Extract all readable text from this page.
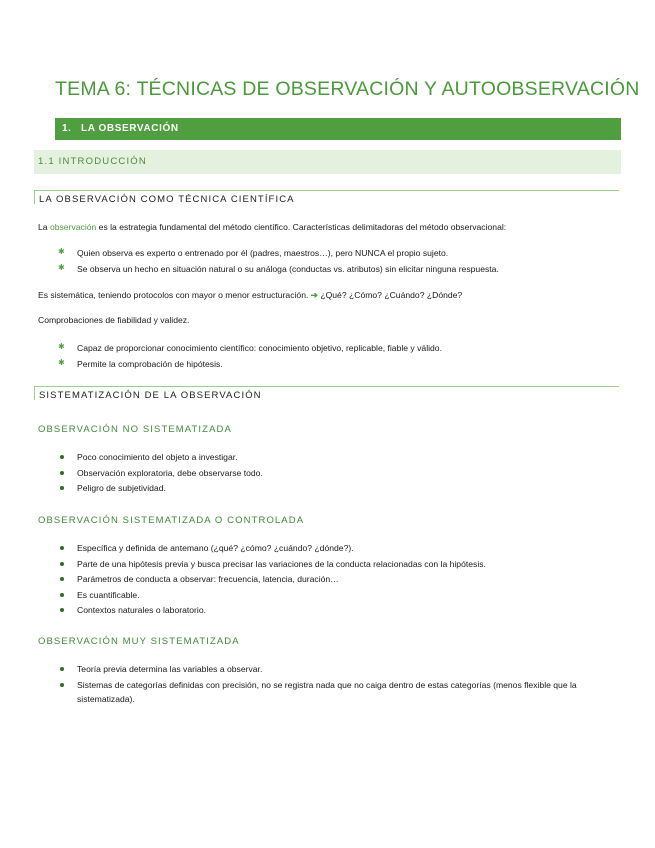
TEMA 6: TÉCNICAS DE OBSERVACIÓN Y AUTOOBSERVACIÓN
1. LA OBSERVACIÓN
1.1 INTRODUCCIÓN
LA OBSERVACIÓN COMO TÉCNICA CIENTÍFICA
La observación es la estrategia fundamental del método científico. Características delimitadoras del método observacional:
✱ Quien observa es experto o entrenado por él (padres, maestros…), pero NUNCA el propio sujeto.
✱ Se observa un hecho en situación natural o su análoga (conductas vs. atributos) sin elicitar ninguna respuesta.
Es sistemática, teniendo protocolos con mayor o menor estructuración. ➔ ¿Qué? ¿Cómo? ¿Cuándo? ¿Dónde?
Comprobaciones de fiabilidad y validez.
✱ Capaz de proporcionar conocimiento científico: conocimiento objetivo, replicable, fiable y válido.
✱ Permite la comprobación de hipótesis.
SISTEMATIZACIÓN DE LA OBSERVACIÓN
OBSERVACIÓN NO SISTEMATIZADA
Poco conocimiento del objeto a investigar.
Observación exploratoria, debe observarse todo.
Peligro de subjetividad.
OBSERVACIÓN SISTEMATIZADA O CONTROLADA
Específica y definida de antemano (¿qué? ¿cómo? ¿cuándo? ¿dónde?).
Parte de una hipótesis previa y busca precisar las variaciones de la conducta relacionadas con la hipótesis.
Parámetros de conducta a observar: frecuencia, latencia, duración…
Es cuantificable.
Contextos naturales o laboratorio.
OBSERVACIÓN MUY SISTEMATIZADA
Teoría previa determina las variables a observar.
Sistemas de categorías definidas con precisión, no se registra nada que no caiga dentro de estas categorías (menos flexible que la sistematizada).
